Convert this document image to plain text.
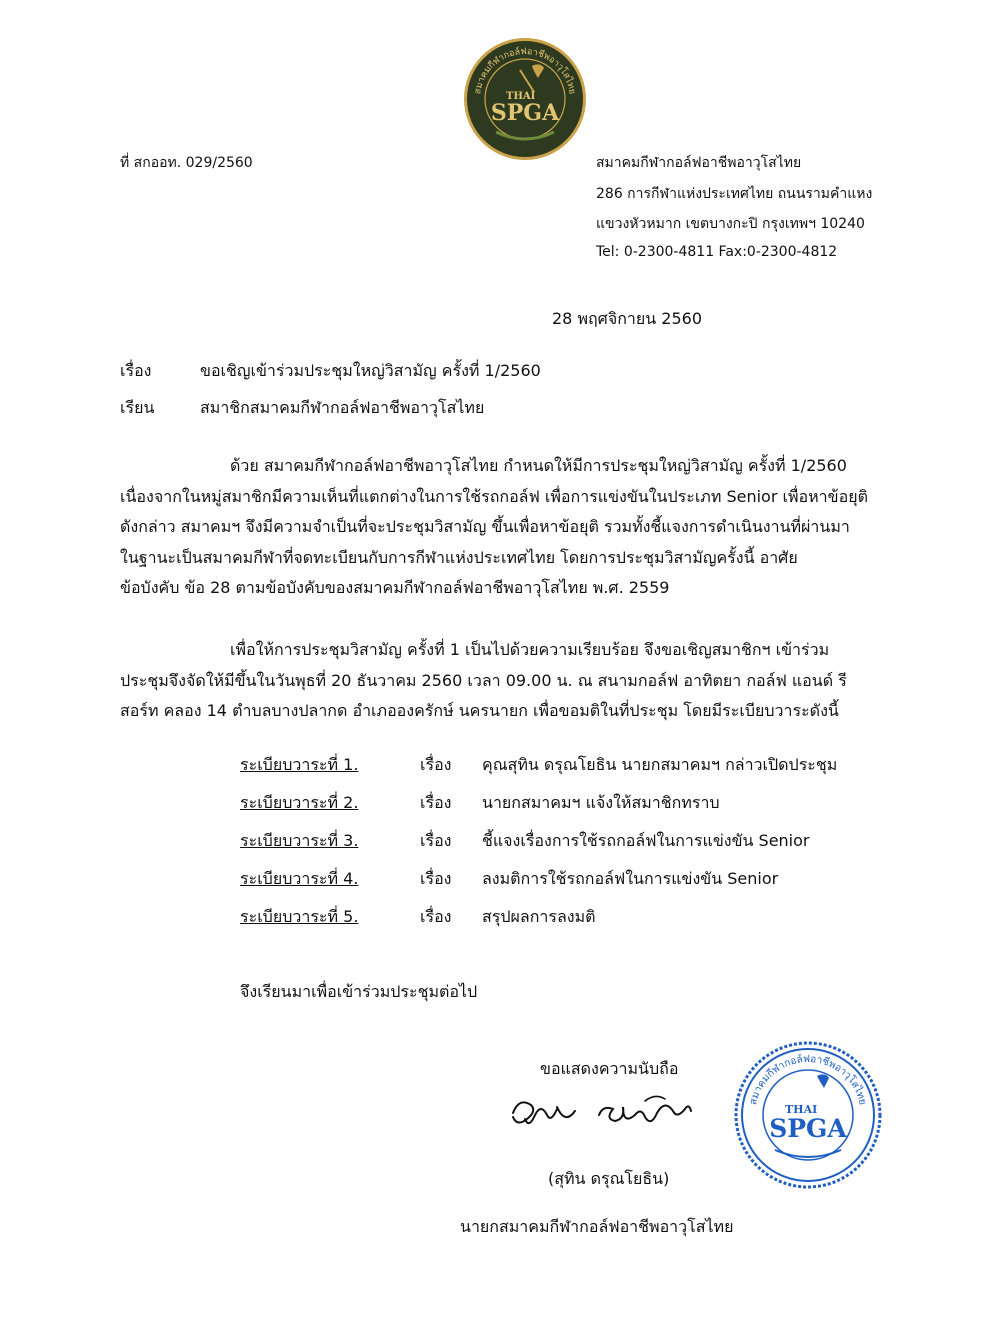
สมาคมกีฬากอล์ฟอาชีพอาวุโสไทย
THAI
SPGA
ที่ สกออท. 029/2560	สมาคมกีฬากอล์ฟอาชีพอาวุโสไทย
286 การกีฬาแห่งประเทศไทย ถนนรามคำแหง
แขวงหัวหมาก เขตบางกะปิ กรุงเทพฯ 10240
Tel: 0-2300-4811 Fax:0-2300-4812
28 พฤศจิกายน 2560
เรื่อง	ขอเชิญเข้าร่วมประชุมใหญ่วิสามัญ ครั้งที่ 1/2560
เรียน	สมาชิกสมาคมกีฬากอล์ฟอาชีพอาวุโสไทย
ด้วย สมาคมกีฬากอล์ฟอาชีพอาวุโสไทย กำหนดให้มีการประชุมใหญ่วิสามัญ ครั้งที่ 1/2560
เนื่องจากในหมู่สมาชิกมีความเห็นที่แตกต่างในการใช้รถกอล์ฟ เพื่อการแข่งขันในประเภท Senior เพื่อหาข้อยุติ
ดังกล่าว สมาคมฯ จึงมีความจำเป็นที่จะประชุมวิสามัญ ขึ้นเพื่อหาข้อยุติ รวมทั้งชี้แจงการดำเนินงานที่ผ่านมา
ในฐานะเป็นสมาคมกีฬาที่จดทะเบียนกับการกีฬาแห่งประเทศไทย โดยการประชุมวิสามัญครั้งนี้ อาศัย
ข้อบังคับ ข้อ 28 ตามข้อบังคับของสมาคมกีฬากอล์ฟอาชีพอาวุโสไทย พ.ศ. 2559
เพื่อให้การประชุมวิสามัญ ครั้งที่ 1 เป็นไปด้วยความเรียบร้อย จึงขอเชิญสมาชิกฯ เข้าร่วม
ประชุมจึงจัดให้มีขึ้นในวันพุธที่ 20 ธันวาคม 2560 เวลา 09.00 น. ณ สนามกอล์ฟ อาทิตยา กอล์ฟ แอนด์ รี
สอร์ท คลอง 14 ตำบลบางปลากด อำเภอองครักษ์ นครนายก เพื่อขอมติในที่ประชุม โดยมีระเบียบวาระดังนี้
ระเบียบวาระที่ 1.	เรื่อง คุณสุทิน ดรุณโยธิน นายกสมาคมฯ กล่าวเปิดประชุม
ระเบียบวาระที่ 2.	เรื่อง นายกสมาคมฯ แจ้งให้สมาชิกทราบ
ระเบียบวาระที่ 3.	เรื่อง ชี้แจงเรื่องการใช้รถกอล์ฟในการแข่งขัน Senior
ระเบียบวาระที่ 4.	เรื่อง ลงมติการใช้รถกอล์ฟในการแข่งขัน Senior
ระเบียบวาระที่ 5.	เรื่อง สรุปผลการลงมติ
จึงเรียนมาเพื่อเข้าร่วมประชุมต่อไป
ขอแสดงความนับถือ
สมาคมกีฬากอล์ฟอาชีพอาวุโสไทย
THAI
SPGA
(สุทิน ดรุณโยธิน)
นายกสมาคมกีฬากอล์ฟอาชีพอาวุโสไทย
